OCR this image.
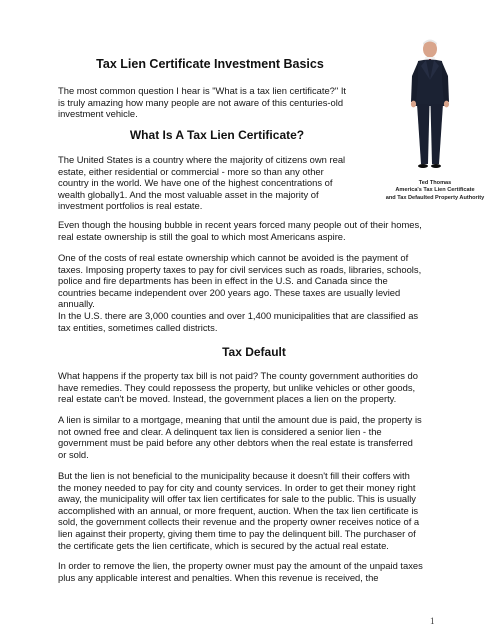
Tax Lien Certificate Investment Basics

The most common question I hear is "What is a tax lien certificate?" It
is truly amazing how many people are not aware of this centuries-old
investment vehicle.

What Is A Tax Lien Certificate?

The United States is a country where the majority of citizens own real
estate, either residential or commercial - more so than any other
country in the world. We have one of the highest concentrations of
wealth globally1. And the most valuable asset in the majority of
investment portfolios is real estate.

Ted Thomas
America's Tax Lien Certificate
and Tax Defaulted Property Authority

Even though the housing bubble in recent years forced many people out of their homes,
real estate ownership is still the goal to which most Americans aspire.

One of the costs of real estate ownership which cannot be avoided is the payment of
taxes. Imposing property taxes to pay for civil services such as roads, libraries, schools,
police and fire departments has been in effect in the U.S. and Canada since the
countries became independent over 200 years ago. These taxes are usually levied
annually.
In the U.S. there are 3,000 counties and over 1,400 municipalities that are classified as
tax entities, sometimes called districts.

Tax Default

What happens if the property tax bill is not paid? The county government authorities do
have remedies. They could repossess the property, but unlike vehicles or other goods,
real estate can't be moved. Instead, the government places a lien on the property.

A lien is similar to a mortgage, meaning that until the amount due is paid, the property is
not owned free and clear. A delinquent tax lien is considered a senior lien - the
government must be paid before any other debtors when the real estate is transferred
or sold.

But the lien is not beneficial to the municipality because it doesn't fill their coffers with
the money needed to pay for city and county services. In order to get their money right
away, the municipality will offer tax lien certificates for sale to the public. This is usually
accomplished with an annual, or more frequent, auction. When the tax lien certificate is
sold, the government collects their revenue and the property owner receives notice of a
lien against their property, giving them time to pay the delinquent bill. The purchaser of
the certificate gets the lien certificate, which is secured by the actual real estate.

In order to remove the lien, the property owner must pay the amount of the unpaid taxes
plus any applicable interest and penalties. When this revenue is received, the

1
